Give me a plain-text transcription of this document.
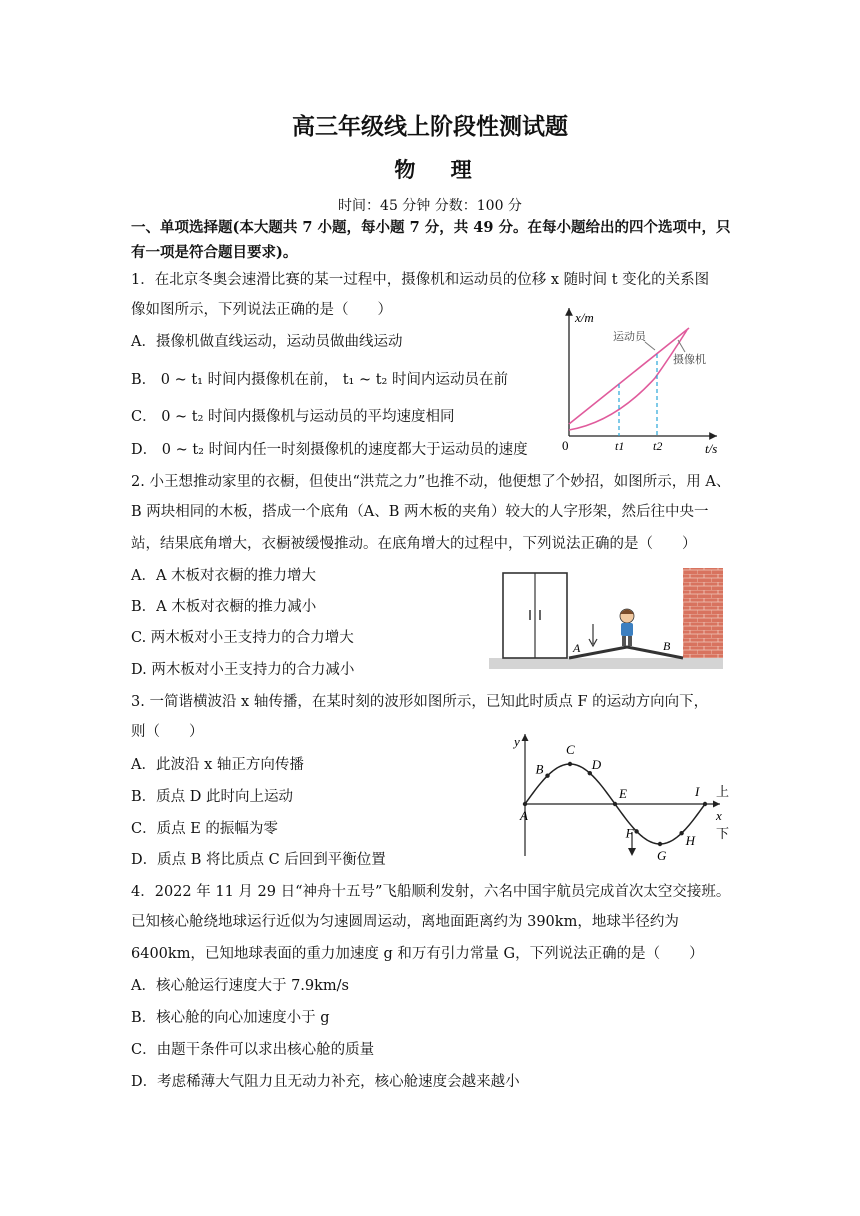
高三年级线上阶段性测试题
物 理
时间：45 分钟 分数：100 分
一、单项选择题(本大题共 7 小题，每小题 7 分，共 49 分。在每小题给出的四个选项中，只
有一项是符合题目要求)。
1．在北京冬奥会速滑比赛的某一过程中，摄像机和运动员的位移 x 随时间 t 变化的关系图
像如图所示，下列说法正确的是（　　）
A．摄像机做直线运动，运动员做曲线运动
B． 0 ~ t₁ 时间内摄像机在前， t₁ ~ t₂ 时间内运动员在前
C． 0 ~ t₂ 时间内摄像机与运动员的平均速度相同
D． 0 ~ t₂ 时间内任一时刻摄像机的速度都大于运动员的速度
x/m
t/s
0	t1 t2
运动员
摄像机
2. 小王想推动家里的衣橱，但使出“洪荒之力”也推不动，他便想了个妙招，如图所示，用 A、
B 两块相同的木板，搭成一个底角（A、B 两木板的夹角）较大的人字形架，然后往中央一
站，结果底角增大，衣橱被缓慢推动。在底角增大的过程中，下列说法正确的是（　　）
A．A 木板对衣橱的推力增大
B．A 木板对衣橱的推力减小
C. 两木板对小王支持力的合力增大
D. 两木板对小王支持力的合力减小
A	B
3. 一简谐横波沿 x 轴传播，在某时刻的波形如图所示，已知此时质点 F 的运动方向向下，
则（　　）
A．此波沿 x 轴正方向传播
B．质点 D 此时向上运动
C．质点 E 的振幅为零
D．质点 B 将比质点 C 后回到平衡位置
y
x
上
下
A
B
C
D
E
F
G
H
I
4．2022 年 11 月 29 日“神舟十五号”飞船顺利发射，六名中国宇航员完成首次太空交接班。
已知核心舱绕地球运行近似为匀速圆周运动，离地面距离约为 390km，地球半径约为
6400km，已知地球表面的重力加速度 g 和万有引力常量 G，下列说法正确的是（　　）
A．核心舱运行速度大于 7.9km/s
B．核心舱的向心加速度小于 g
C．由题干条件可以求出核心舱的质量
D．考虑稀薄大气阻力且无动力补充，核心舱速度会越来越小
